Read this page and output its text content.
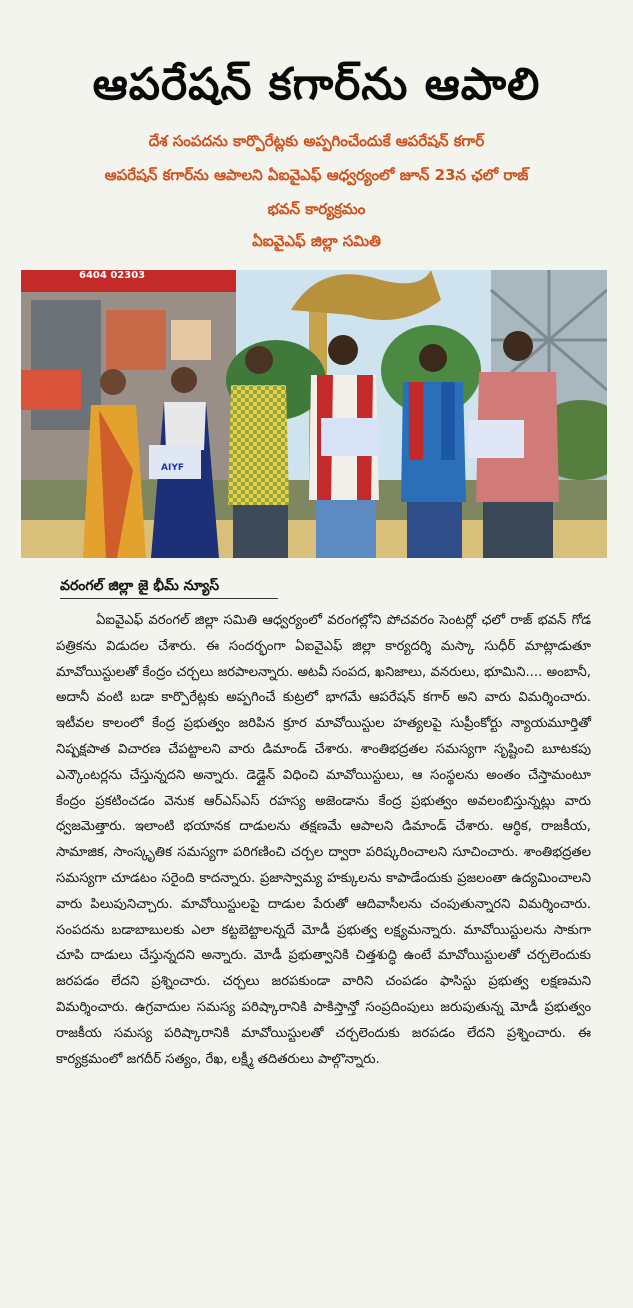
ఆపరేషన్ కగార్‌ను ఆపాలి
దేశ సంపదను కార్పొరేట్లకు అప్పగించేందుకే ఆపరేషన్ కగార్
ఆపరేషన్ కగార్‌ను ఆపాలని ఏఐవైఎఫ్ ఆధ్వర్యంలో జూన్ 23న ఛలో రాజ్
భవన్ కార్యక్రమం
ఏఐవైఎఫ్ జిల్లా సమితి
AIYF
6404 02303
వరంగల్ జిల్లా జై భీమ్ న్యూస్

ఏఐవైఎఫ్ వరంగల్ జిల్లా సమితి ఆధ్వర్యంలో వరంగల్లోని పోచవరం సెంటర్లో ఛలో రాజ్ భవన్ గోడ పత్రికను విడుదల చేశారు. ఈ సందర్భంగా ఏఐవైఎఫ్ జిల్లా కార్యదర్శి మస్కా సుధీర్ మాట్లాడుతూ మావోయిస్టులతో కేంద్రం చర్చలు జరపాలన్నారు. అటవీ సంపద, ఖనిజాలు, వనరులు, భూమిని.... అంబానీ, అదానీ వంటి బడా కార్పొరేట్లకు అప్పగించే కుట్రలో భాగమే ఆపరేషన్ కగార్ అని వారు విమర్శించారు. ఇటీవల కాలంలో కేంద్ర ప్రభుత్వం జరిపిన క్రూర మావోయిస్టుల హత్యలపై సుప్రీంకోర్టు న్యాయమూర్తితో నిష్పక్షపాత విచారణ చేపట్టాలని వారు డిమాండ్ చేశారు. శాంతిభద్రతల సమస్యగా సృష్టించి బూటకపు ఎన్కౌంటర్లను చేస్తున్నదని అన్నారు. డెడ్లైన్ విధించి మావోయిస్టులు, ఆ సంస్థలను అంతం చేస్తామంటూ కేంద్రం ప్రకటించడం వెనుక ఆర్ఎస్ఎస్ రహస్య అజెండాను కేంద్ర ప్రభుత్వం అవలంబిస్తున్నట్లు వారు ధ్వజమెత్తారు. ఇలాంటి భయానక దాడులను తక్షణమే ఆపాలని డిమాండ్ చేశారు. ఆర్థిక, రాజకీయ, సామాజిక, సాంస్కృతిక సమస్యగా పరిగణించి చర్చల ద్వారా పరిష్కరించాలని సూచించారు. శాంతిభద్రతల సమస్యగా చూడటం సరైంది కాదన్నారు. ప్రజాస్వామ్య హక్కులను కాపాడేందుకు ప్రజలంతా ఉద్యమించాలని వారు పిలుపునిచ్చారు. మావోయిస్టులపై దాడుల పేరుతో ఆదివాసీలను చంపుతున్నారని విమర్శించారు. సంపదను బడాబాబులకు ఎలా కట్టబెట్టాలన్నదే మోడీ ప్రభుత్వ లక్ష్యమన్నారు. మావోయిస్టులను సాకుగా చూపి దాడులు చేస్తున్నదని అన్నారు. మోడీ ప్రభుత్వానికి చిత్తశుద్ధి ఉంటే మావోయిస్టులతో చర్చలెందుకు జరపడం లేదని ప్రశ్నించారు. చర్చలు జరపకుండా వారిని చంపడం ఫాసిస్టు ప్రభుత్వ లక్షణమని విమర్శించారు. ఉగ్రవాదుల సమస్య పరిష్కారానికి పాకిస్తాన్తో సంప్రదింపులు జరుపుతున్న మోడీ ప్రభుత్వం రాజకీయ సమస్య పరిష్కారానికి మావోయిస్టులతో చర్చలెందుకు జరపడం లేదని ప్రశ్నించారు. ఈ కార్యక్రమంలో జగదీర్ సత్యం, రేఖ, లక్ష్మీ తదితరులు పాల్గొన్నారు.
